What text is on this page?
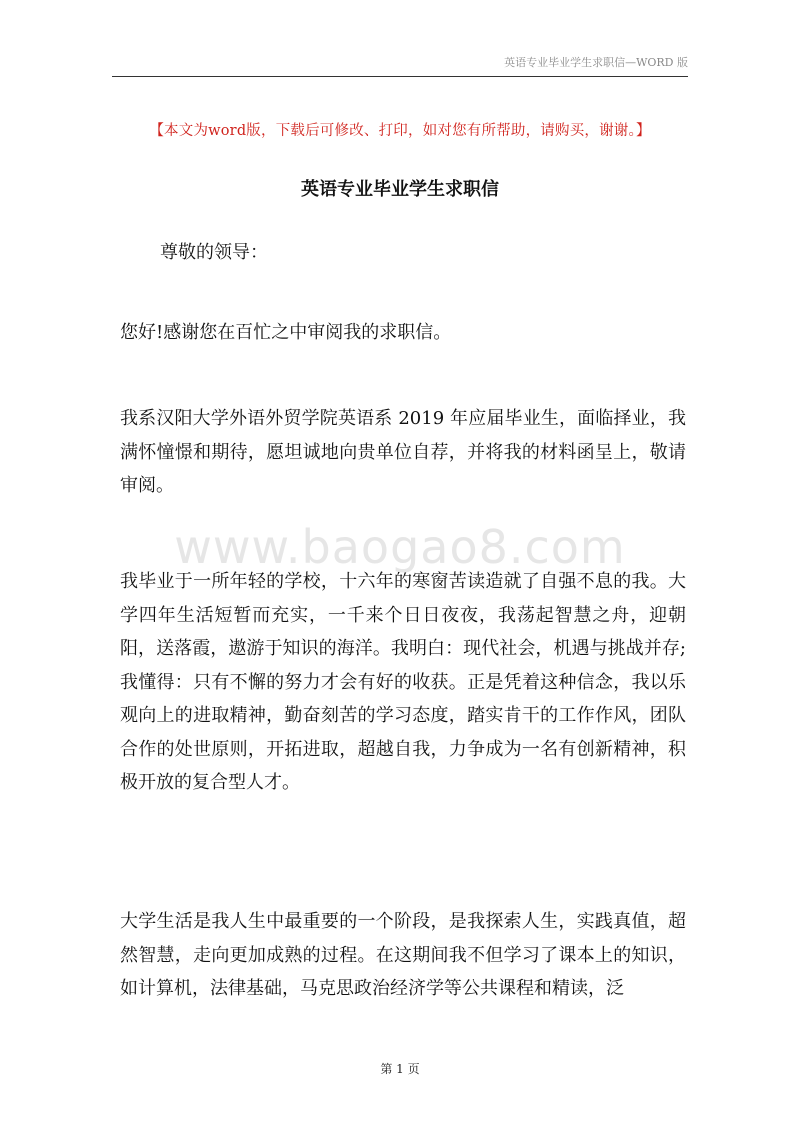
英语专业毕业学生求职信—WORD 版
【本文为word版，下载后可修改、打印，如对您有所帮助，请购买，谢谢。】
英语专业毕业学生求职信

尊敬的领导：

您好!感谢您在百忙之中审阅我的求职信。

我系汉阳大学外语外贸学院英语系 2019 年应届毕业生，面临择业，我满怀憧憬和期待，愿坦诚地向贵单位自荐，并将我的材料函呈上，敬请审阅。

我毕业于一所年轻的学校，十六年的寒窗苦读造就了自强不息的我。大学四年生活短暂而充实，一千来个日日夜夜，我荡起智慧之舟，迎朝阳，送落霞，遨游于知识的海洋。我明白：现代社会，机遇与挑战并存;我懂得：只有不懈的努力才会有好的收获。正是凭着这种信念，我以乐观向上的进取精神，勤奋刻苦的学习态度，踏实肯干的工作作风，团队合作的处世原则，开拓进取，超越自我，力争成为一名有创新精神，积极开放的复合型人才。

大学生活是我人生中最重要的一个阶段，是我探索人生，实践真值，超然智慧，走向更加成熟的过程。在这期间我不但学习了课本上的知识，如计算机，法律基础，马克思政治经济学等公共课程和精读，泛

www.baogao8.com
第 1 页
